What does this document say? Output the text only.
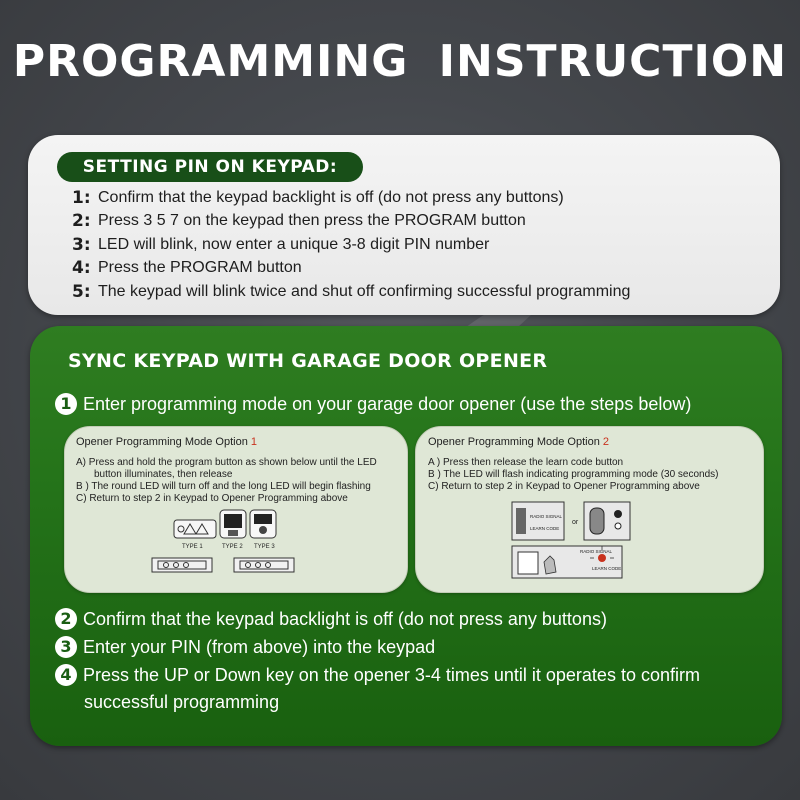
PROGRAMMING INSTRUCTION
SETTING PIN ON KEYPAD:
1: Confirm that the keypad backlight is off (do not press any buttons)
2: Press 3 5 7 on the keypad then press the PROGRAM button
3: LED will blink, now enter a unique 3-8 digit PIN number
4: Press the PROGRAM button
5: The keypad will blink twice and shut off confirming successful programming
SYNC KEYPAD WITH GARAGE DOOR OPENER
1 Enter programming mode on your garage door opener (use the steps below)
Opener Programming Mode Option 1
A) Press and hold the program button as shown below until the LED
button illuminates, then release
B ) The round LED will turn off and the long LED will begin flashing
C) Return to step 2 in Keypad to Opener Programming above
TYPE 1	TYPE 2 TYPE 3
Opener Programming Mode Option 2
A ) Press then release the learn code button
B ) The LED will flash indicating programming mode (30 seconds)
C) Return to step 2 in Keypad to Opener Programming above
RADIO SIGNAL
LEARN CODE
or
RADIO SIGNAL
LEARN CODE
2 Confirm that the keypad backlight is off (do not press any buttons)
3 Enter your PIN (from above) into the keypad
4 Press the UP or Down key on the opener 3-4 times until it operates to confirm
successful programming
